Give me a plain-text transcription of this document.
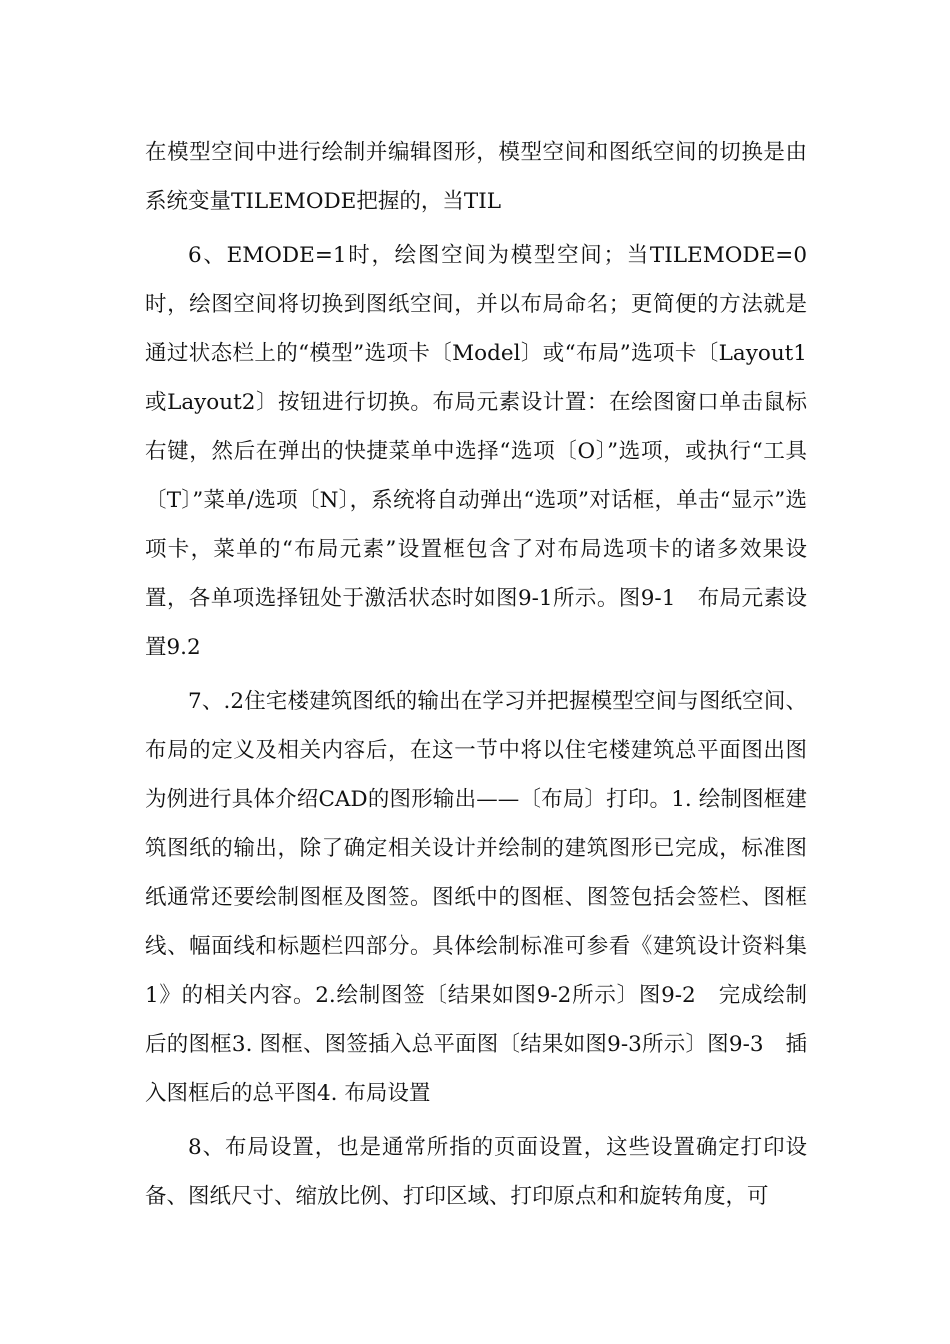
在模型空间中进行绘制并编辑图形，模型空间和图纸空间的切换是由系统变量TILEMODE把握的，当TIL

6、EMODE=1时，绘图空间为模型空间；当TILEMODE=0时，绘图空间将切换到图纸空间，并以布局命名；更简便的方法就是通过状态栏上的“模型”选项卡〔Model〕或“布局”选项卡〔Layout1或Layout2〕按钮进行切换。布局元素设计置：在绘图窗口单击鼠标右键，然后在弹出的快捷菜单中选择“选项〔O〕”选项，或执行“工具〔T〕”菜单/选项〔N〕，系统将自动弹出“选项”对话框，单击“显示”选项卡，菜单的“布局元素”设置框包含了对布局选项卡的诸多效果设置，各单项选择钮处于激活状态时如图9-1所示。图9-1　布局元素设置9.2

7、.2住宅楼建筑图纸的输出在学习并把握模型空间与图纸空间、布局的定义及相关内容后，在这一节中将以住宅楼建筑总平面图出图为例进行具体介绍CAD的图形输出——〔布局〕打印。1. 绘制图框建筑图纸的输出，除了确定相关设计并绘制的建筑图形已完成，标准图纸通常还要绘制图框及图签。图纸中的图框、图签包括会签栏、图框线、幅面线和标题栏四部分。具体绘制标准可参看《建筑设计资料集1》的相关内容。2.绘制图签〔结果如图9-2所示〕图9-2　完成绘制后的图框3. 图框、图签插入总平面图〔结果如图9-3所示〕图9-3　插入图框后的总平图4. 布局设置

8、布局设置，也是通常所指的页面设置，这些设置确定打印设备、图纸尺寸、缩放比例、打印区域、打印原点和和旋转角度，可
